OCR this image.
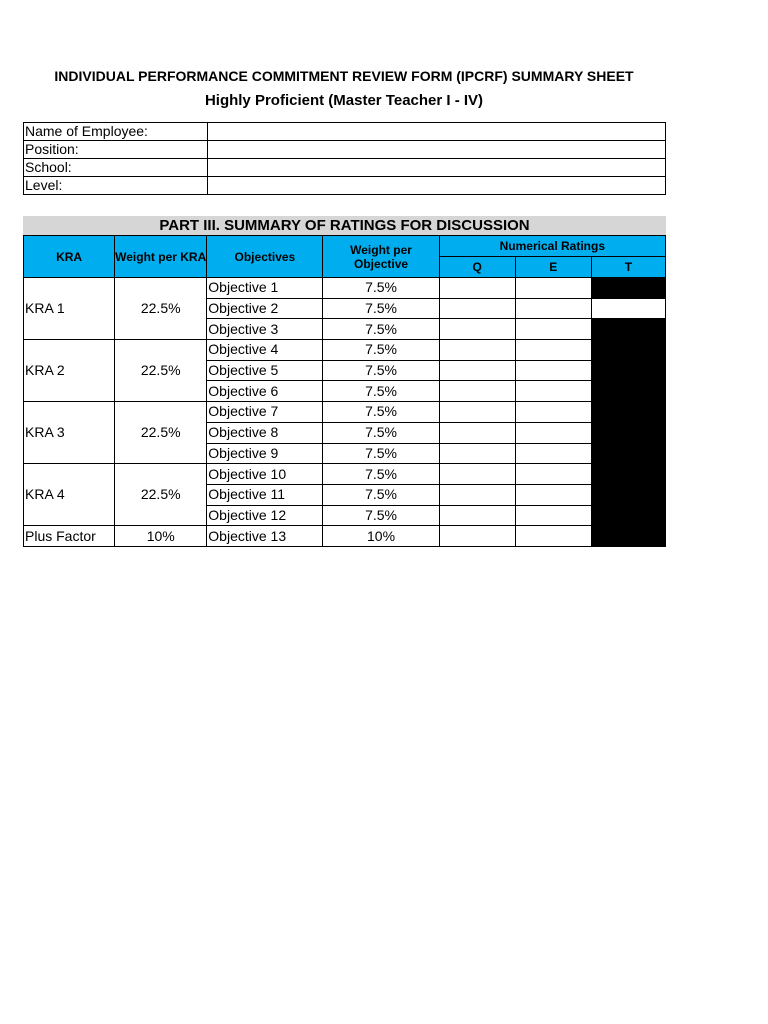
INDIVIDUAL PERFORMANCE COMMITMENT REVIEW FORM (IPCRF) SUMMARY SHEET
Highly Proficient (Master Teacher I - IV)
Name of Employee:	
Position:	
School:	
Level:	
PART III. SUMMARY OF RATINGS FOR DISCUSSION
KRA	Weight per KRA	Objectives	Weight per Objective	Numerical Ratings		
				Q	E	T
KRA 1	22.5%	Objective 1	7.5%			
		Objective 2	7.5%			
		Objective 3	7.5%			
KRA 2	22.5%	Objective 4	7.5%			
		Objective 5	7.5%			
		Objective 6	7.5%			
KRA 3	22.5%	Objective 7	7.5%			
		Objective 8	7.5%			
		Objective 9	7.5%			
KRA 4	22.5%	Objective 10	7.5%			
		Objective 11	7.5%			
		Objective 12	7.5%			
Plus Factor	10%	Objective 13	10%			
